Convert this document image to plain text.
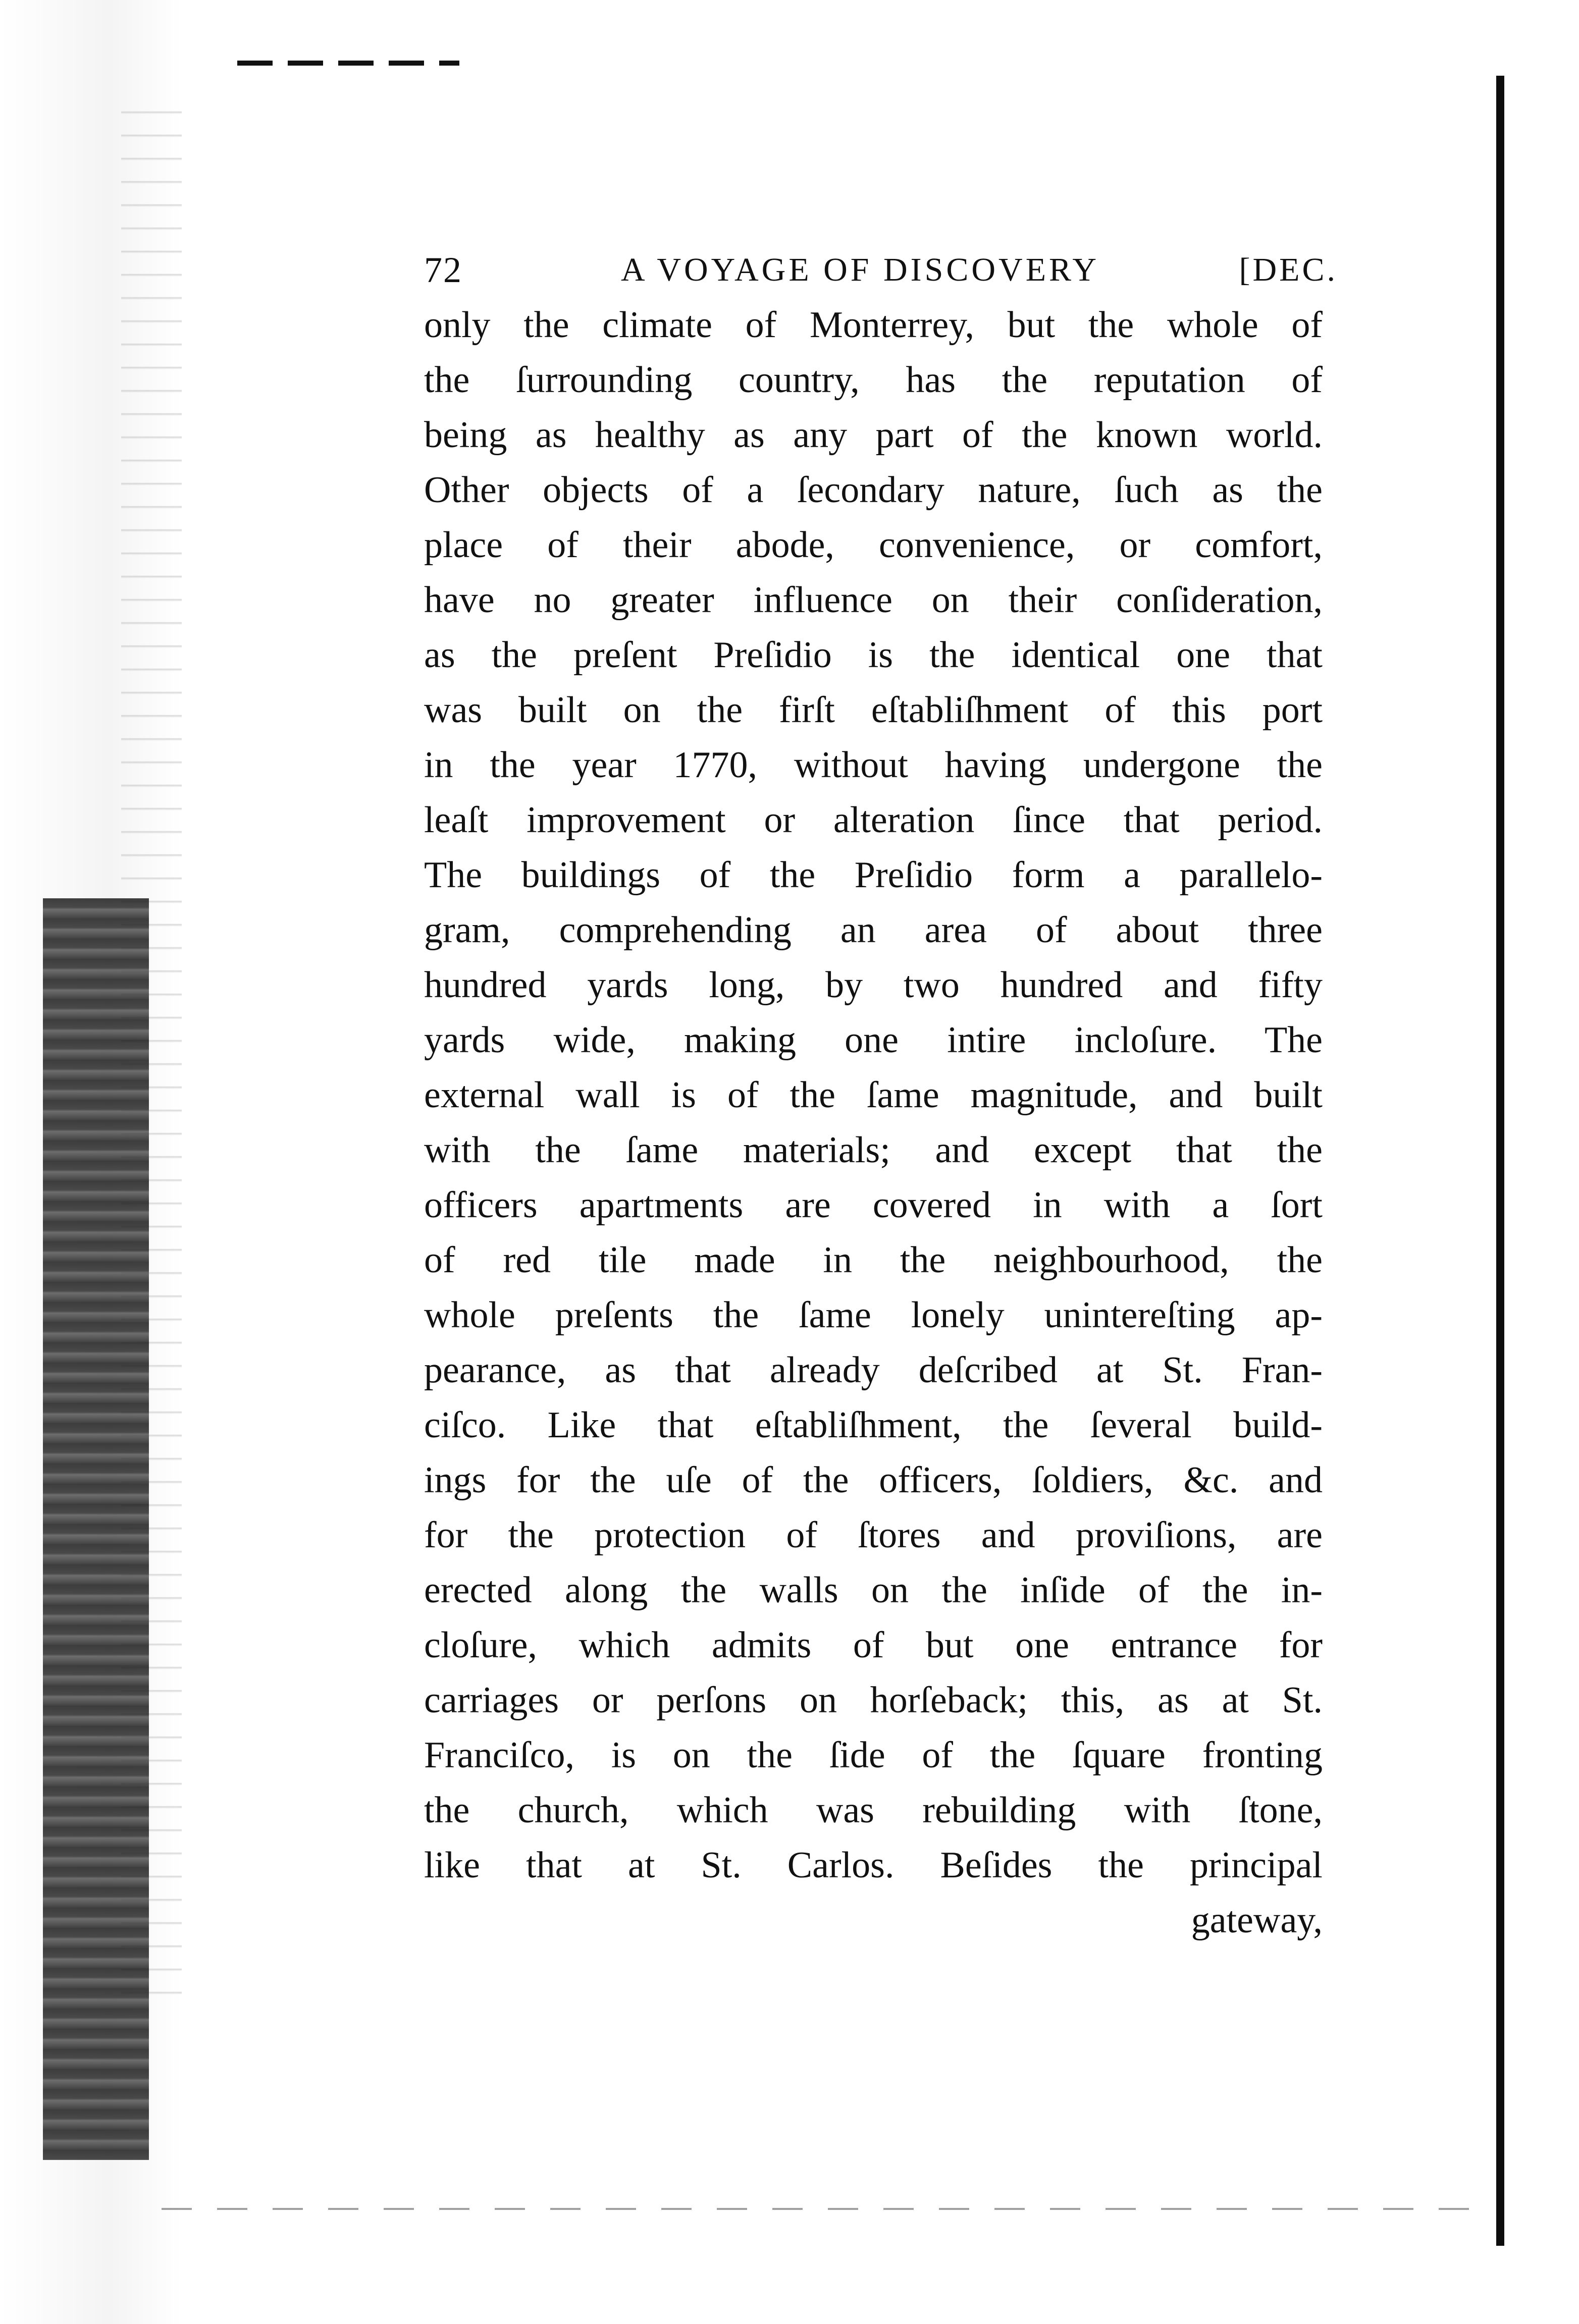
72	A VOYAGE OF DISCOVERY	[DEC.
only the climate of Monterrey, but the whole of
the ſurrounding country, has the reputation of
being as healthy as any part of the known world.
Other objects of a ſecondary nature, ſuch as the
place of their abode, convenience, or comfort,
have no greater influence on their conſideration,
as the preſent Preſidio is the identical one that
was built on the firſt eſtabliſhment of this port
in the year 1770, without having undergone the
leaſt improvement or alteration ſince that period.
The buildings of the Preſidio form a parallelo-
gram, comprehending an area of about three
hundred yards long, by two hundred and fifty
yards wide, making one intire incloſure. The
external wall is of the ſame magnitude, and built
with the ſame materials; and except that the
officers apartments are covered in with a ſort
of red tile made in the neighbourhood, the
whole preſents the ſame lonely unintereſting ap-
pearance, as that already deſcribed at St. Fran-
ciſco. Like that eſtabliſhment, the ſeveral build-
ings for the uſe of the officers, ſoldiers, &c. and
for the protection of ſtores and proviſions, are
erected along the walls on the inſide of the in-
cloſure, which admits of but one entrance for
carriages or perſons on horſeback; this, as at St.
Franciſco, is on the ſide of the ſquare fronting
the church, which was rebuilding with ſtone,
like that at St. Carlos. Beſides the principal
gateway,
